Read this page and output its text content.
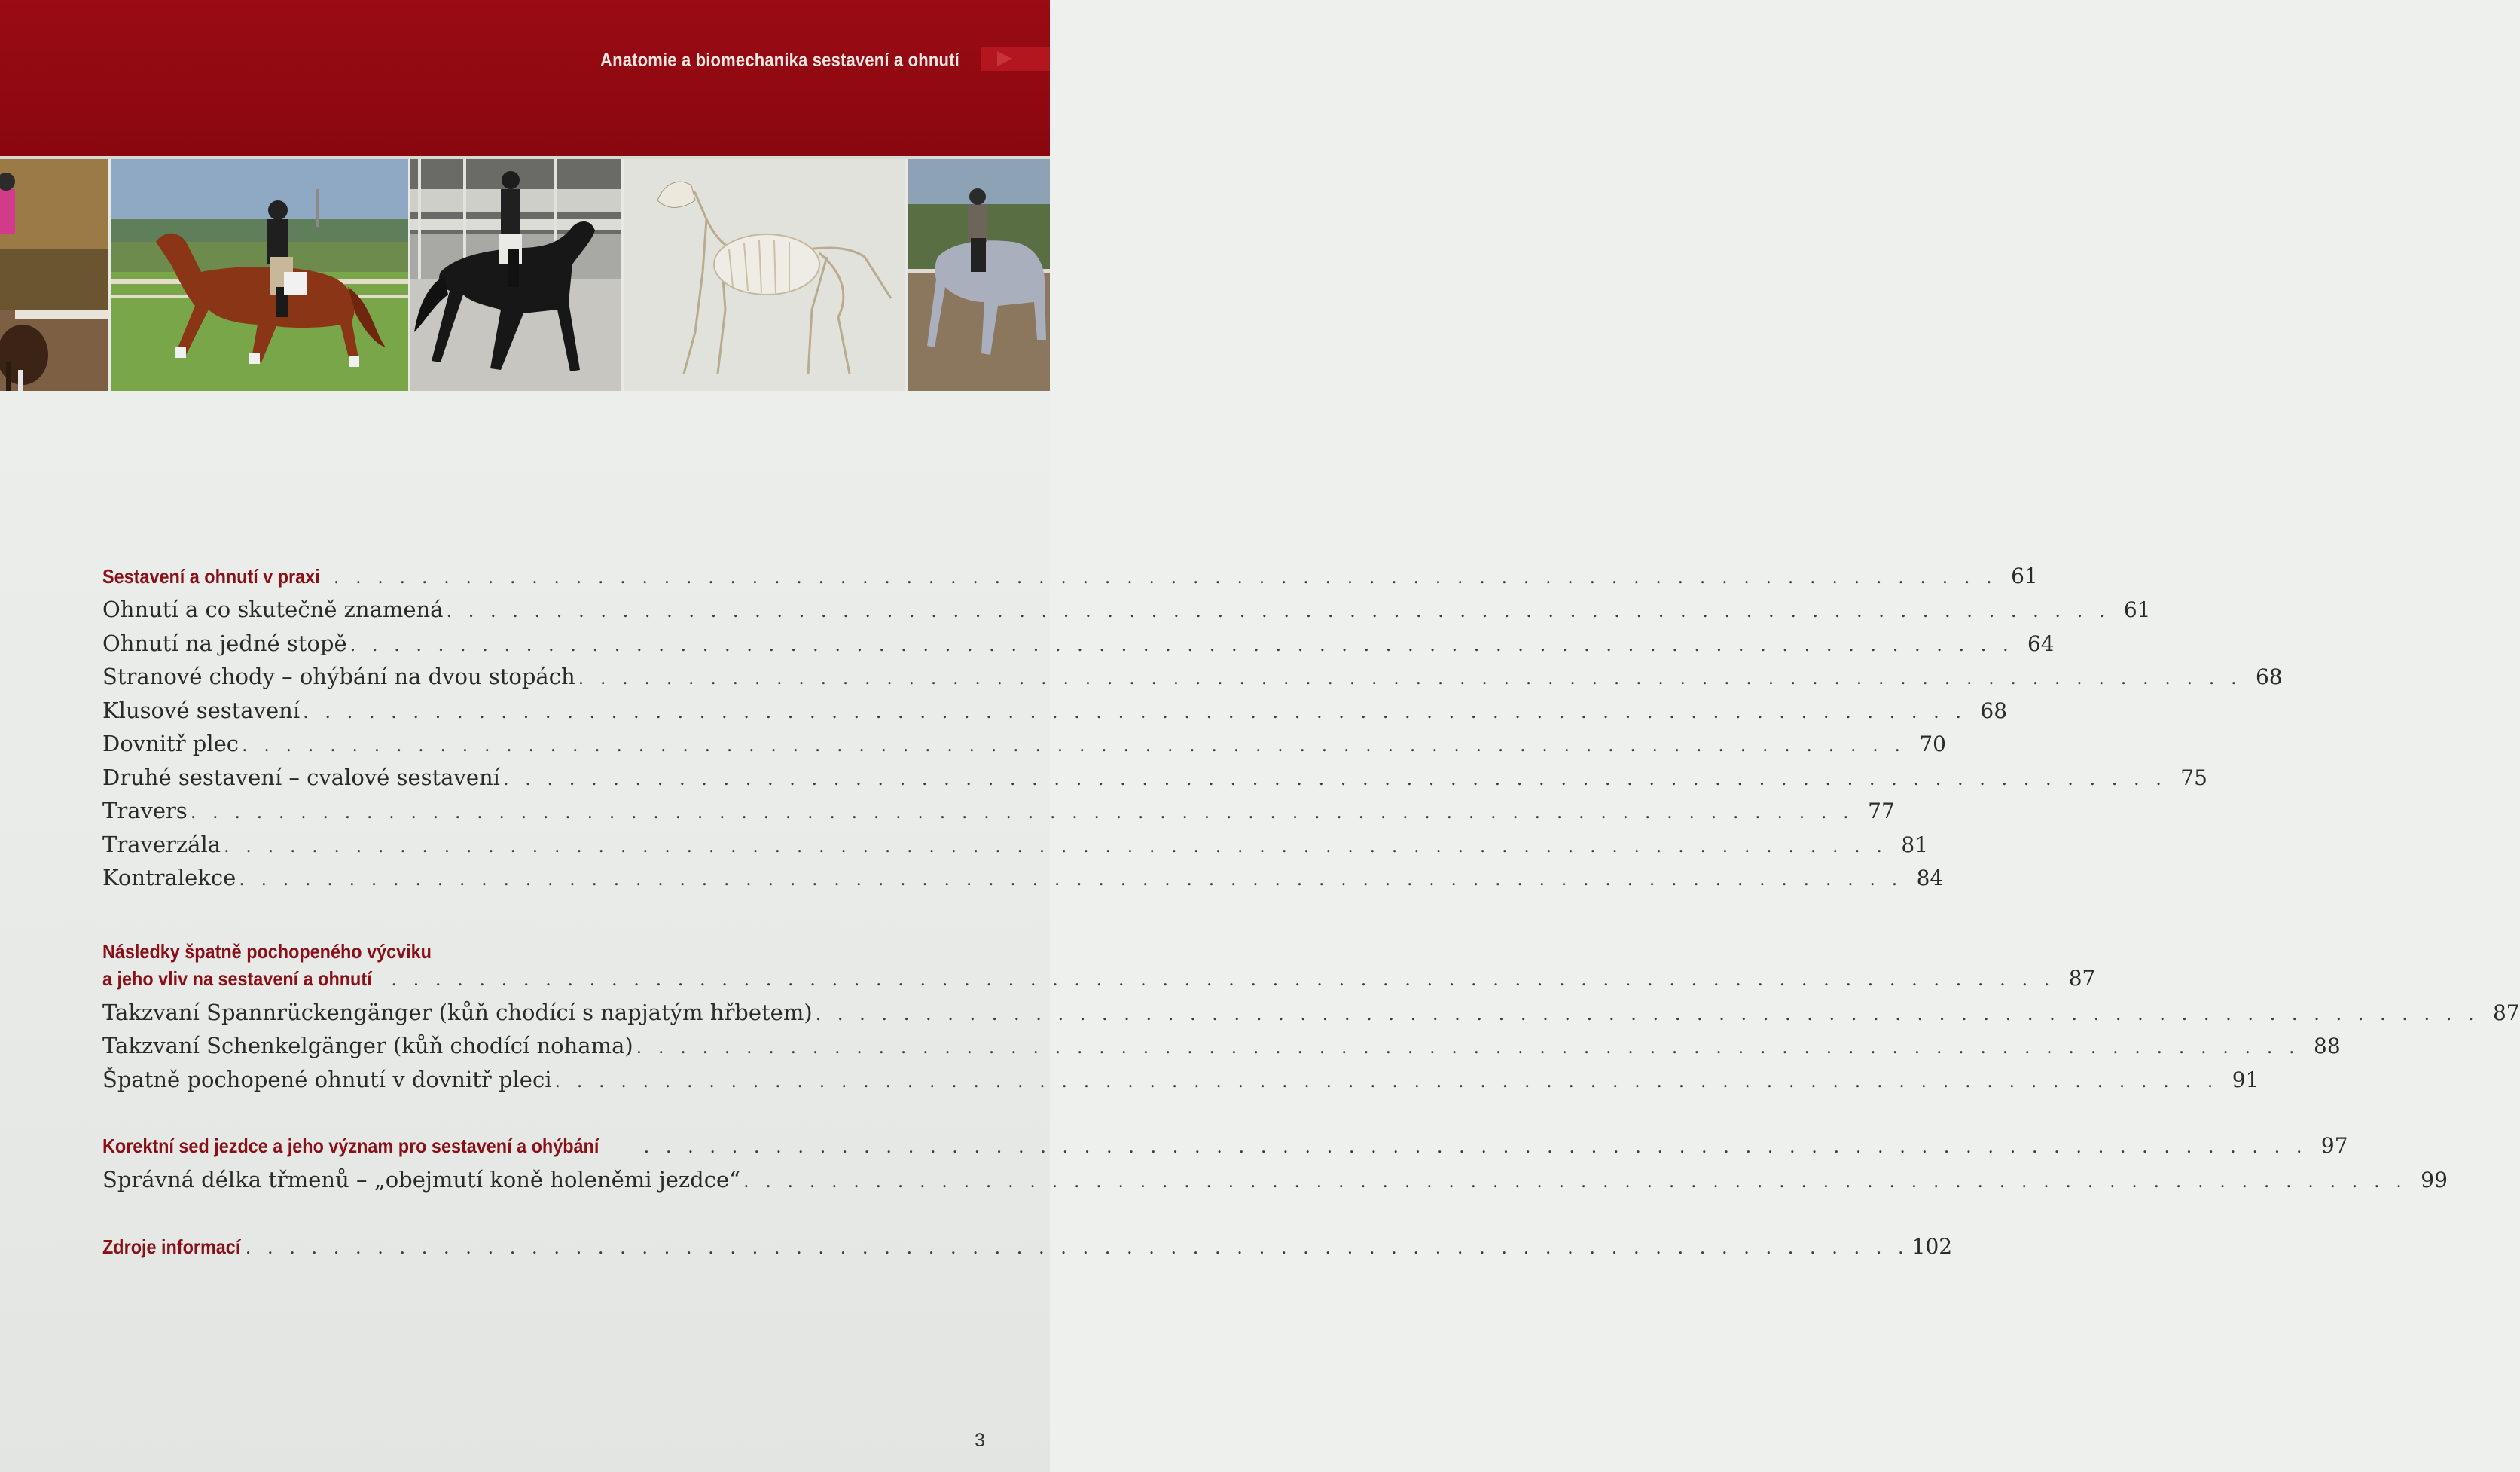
Anatomie a biomechanika sestavení a ohnutí
Sestavení a ohnutí v praxi . . . . . . . . . . . . . . . . . . . . . . . . . . . . . . . . . . . . . . . . . . . . . . . . . . . . . . . . . . . . . . . . . . . . . . . . . . . . 61
Ohnutí a co skutečně znamená . . . . . . . . . . . . . . . . . . . . . . . . . . . . . . . . . . . . . . . . . . . . . . . . . . . . . . . . . . . . . . . . . . . . . . . . . . . . 61
Ohnutí na jedné stopě . . . . . . . . . . . . . . . . . . . . . . . . . . . . . . . . . . . . . . . . . . . . . . . . . . . . . . . . . . . . . . . . . . . . . . . . . . . . 64
Stranové chody – ohýbání na dvou stopách . . . . . . . . . . . . . . . . . . . . . . . . . . . . . . . . . . . . . . . . . . . . . . . . . . . . . . . . . . . . . . . . . . . . . . . . . . . . 68
Klusové sestavení . . . . . . . . . . . . . . . . . . . . . . . . . . . . . . . . . . . . . . . . . . . . . . . . . . . . . . . . . . . . . . . . . . . . . . . . . . . . 68
Dovnitř plec . . . . . . . . . . . . . . . . . . . . . . . . . . . . . . . . . . . . . . . . . . . . . . . . . . . . . . . . . . . . . . . . . . . . . . . . . . . . 70
Druhé sestavení – cvalové sestavení . . . . . . . . . . . . . . . . . . . . . . . . . . . . . . . . . . . . . . . . . . . . . . . . . . . . . . . . . . . . . . . . . . . . . . . . . . . . 75
Travers . . . . . . . . . . . . . . . . . . . . . . . . . . . . . . . . . . . . . . . . . . . . . . . . . . . . . . . . . . . . . . . . . . . . . . . . . . . . 77
Traverzála . . . . . . . . . . . . . . . . . . . . . . . . . . . . . . . . . . . . . . . . . . . . . . . . . . . . . . . . . . . . . . . . . . . . . . . . . . . . 81
Kontralekce . . . . . . . . . . . . . . . . . . . . . . . . . . . . . . . . . . . . . . . . . . . . . . . . . . . . . . . . . . . . . . . . . . . . . . . . . . . . 84
Následky špatně pochopeného výcviku
a jeho vliv na sestavení a ohnutí . . . . . . . . . . . . . . . . . . . . . . . . . . . . . . . . . . . . . . . . . . . . . . . . . . . . . . . . . . . . . . . . . . . . . . . . . . . . 87
Takzvaní Spannrückengänger (kůň chodící s napjatým hřbetem) . . . . . . . . . . . . . . . . . . . . . . . . . . . . . . . . . . . . . . . . . . . . . . . . . . . . . . . . . . . . . . . . . . . . . . . . . . . . 87
Takzvaní Schenkelgänger (kůň chodící nohama) . . . . . . . . . . . . . . . . . . . . . . . . . . . . . . . . . . . . . . . . . . . . . . . . . . . . . . . . . . . . . . . . . . . . . . . . . . . . 88
Špatně pochopené ohnutí v dovnitř pleci . . . . . . . . . . . . . . . . . . . . . . . . . . . . . . . . . . . . . . . . . . . . . . . . . . . . . . . . . . . . . . . . . . . . . . . . . . . . 91
Korektní sed jezdce a jeho význam pro sestavení a ohýbání . . . . . . . . . . . . . . . . . . . . . . . . . . . . . . . . . . . . . . . . . . . . . . . . . . . . . . . . . . . . . . . . . . . . . . . . . . . . 97
Správná délka třmenů – „obejmutí koně holeněmi jezdce“ . . . . . . . . . . . . . . . . . . . . . . . . . . . . . . . . . . . . . . . . . . . . . . . . . . . . . . . . . . . . . . . . . . . . . . . . . . . . 99
Zdroje informací . . . . . . . . . . . . . . . . . . . . . . . . . . . . . . . . . . . . . . . . . . . . . . . . . . . . . . . . . . . . . . . . . . . . . . . . . . . . 102
3
